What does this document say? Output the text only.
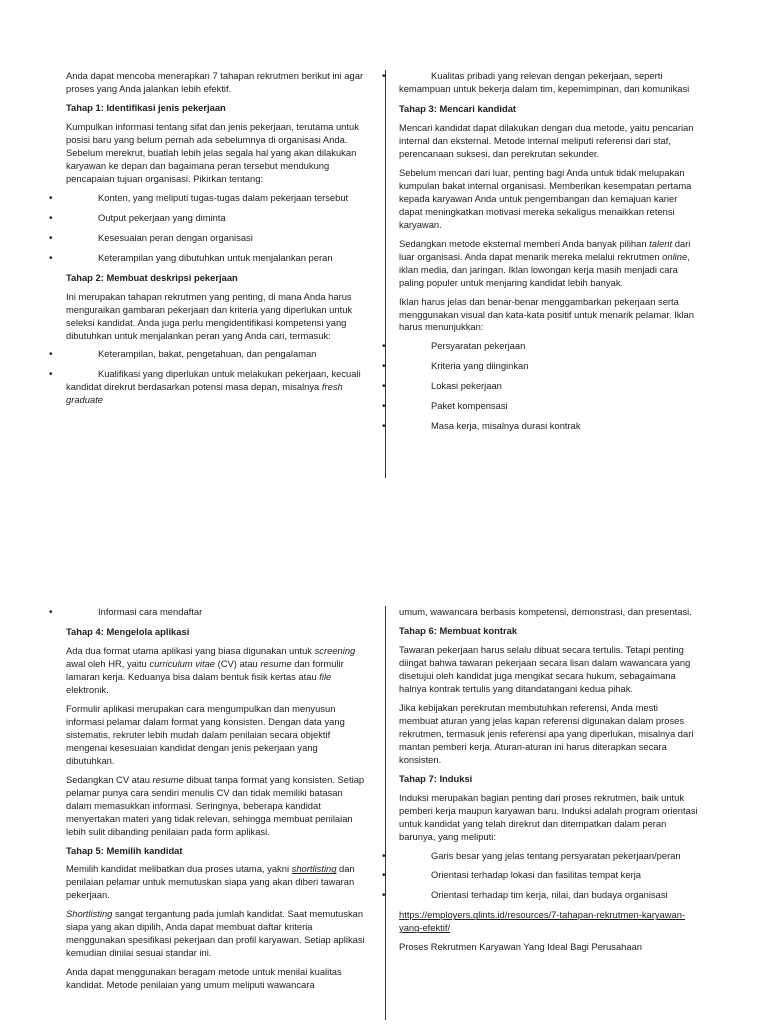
Anda dapat mencoba menerapkan 7 tahapan rekrutmen berikut ini agar proses yang Anda jalankan lebih efektif.

Tahap 1: Identifikasi jenis pekerjaan

Kumpulkan informasi tentang sifat dan jenis pekerjaan, terutama untuk posisi baru yang belum pernah ada sebelumnya di organisasi Anda. Sebelum merekrut, buatlah lebih jelas segala hal yang akan dilakukan karyawan ke depan dan bagaimana peran tersebut mendukung pencapaian tujuan organisasi. Pikirkan tentang:

•	Konten, yang meliputi tugas-tugas dalam pekerjaan tersebut
•	Output pekerjaan yang diminta
•	Kesesuaian peran dengan organisasi
•	Keterampilan yang dibutuhkan untuk menjalankan peran
Tahap 2: Membuat deskripsi pekerjaan

Ini merupakan tahapan rekrutmen yang penting, di mana Anda harus menguraikan gambaran pekerjaan dan kriteria yang diperlukan untuk seleksi kandidat. Anda juga perlu mengidentifikasi kompetensi yang dibutuhkan untuk menjalankan peran yang Anda cari, termasuk:

•	Keterampilan, bakat, pengetahuan, dan pengalaman
•	Kualifikasi yang diperlukan untuk melakukan pekerjaan, kecuali kandidat direkrut berdasarkan potensi masa depan, misalnya fresh graduate
•	Kualitas pribadi yang relevan dengan pekerjaan, seperti kemampuan untuk bekerja dalam tim, kepemimpinan, dan komunikasi
Tahap 3: Mencari kandidat

Mencari kandidat dapat dilakukan dengan dua metode, yaitu pencarian internal dan eksternal. Metode internal meliputi referensi dari staf, perencanaan suksesi, dan perekrutan sekunder.

Sebelum mencari dari luar, penting bagi Anda untuk tidak melupakan kumpulan bakat internal organisasi. Memberikan kesempatan pertama kepada karyawan Anda untuk pengembangan dan kemajuan karier dapat meningkatkan motivasi mereka sekaligus menaikkan retensi karyawan.

Sedangkan metode eksternal memberi Anda banyak pilihan talent dari luar organisasi. Anda dapat menarik mereka melalui rekrutmen online, iklan media, dan jaringan. Iklan lowongan kerja masih menjadi cara paling populer untuk menjaring kandidat lebih banyak.

Iklan harus jelas dan benar-benar menggambarkan pekerjaan serta menggunakan visual dan kata-kata positif untuk menarik pelamar. Iklan harus menunjukkan:

•	Persyaratan pekerjaan
•	Kriteria yang diinginkan
•	Lokasi pekerjaan
•	Paket kompensasi
•	Masa kerja, misalnya durasi kontrak
•	Informasi cara mendaftar
Tahap 4: Mengelola aplikasi

Ada dua format utama aplikasi yang biasa digunakan untuk screening awal oleh HR, yaitu curriculum vitae (CV) atau resume dan formulir lamaran kerja. Keduanya bisa dalam bentuk fisik kertas atau file elektronik.

Formulir aplikasi merupakan cara mengumpulkan dan menyusun informasi pelamar dalam format yang konsisten. Dengan data yang sistematis, rekruter lebih mudah dalam penilaian secara objektif mengenai kesesuaian kandidat dengan jenis pekerjaan yang dibutuhkan.

Sedangkan CV atau resume dibuat tanpa format yang konsisten. Setiap pelamar punya cara sendiri menulis CV dan tidak memiliki batasan dalam memasukkan informasi. Seringnya, beberapa kandidat menyertakan materi yang tidak relevan, sehingga membuat penilaian lebih sulit dibanding penilaian pada form aplikasi.

Tahap 5: Memilih kandidat

Memilih kandidat melibatkan dua proses utama, yakni shortlisting dan penilaian pelamar untuk memutuskan siapa yang akan diberi tawaran pekerjaan.

Shortlisting sangat tergantung pada jumlah kandidat. Saat memutuskan siapa yang akan dipilih, Anda dapat membuat daftar kriteria menggunakan spesifikasi pekerjaan dan profil karyawan. Setiap aplikasi kemudian dinilai sesuai standar ini.

Anda dapat menggunakan beragam metode untuk menilai kualitas kandidat. Metode penilaian yang umum meliputi wawancara

umum, wawancara berbasis kompetensi, demonstrasi, dan presentasi.

Tahap 6: Membuat kontrak

Tawaran pekerjaan harus selalu dibuat secara tertulis. Tetapi penting diingat bahwa tawaran pekerjaan secara lisan dalam wawancara yang disetujui oleh kandidat juga mengikat secara hukum, sebagaimana halnya kontrak tertulis yang ditandatangani kedua pihak.

Jika kebijakan perekrutan membutuhkan referensi, Anda mesti membuat aturan yang jelas kapan referensi digunakan dalam proses rekrutmen, termasuk jenis referensi apa yang diperlukan, misalnya dari mantan pemberi kerja. Aturan-aturan ini harus diterapkan secara konsisten.

Tahap 7: Induksi

Induksi merupakan bagian penting dari proses rekrutmen, baik untuk pemberi kerja maupun karyawan baru. Induksi adalah program orientasi untuk kandidat yang telah direkrut dan ditempatkan dalam peran barunya, yang meliputi:

•	Garis besar yang jelas tentang persyaratan pekerjaan/peran
•	Orientasi terhadap lokasi dan fasilitas tempat kerja
•	Orientasi terhadap tim kerja, nilai, dan budaya organisasi

https://employers.glints.id/resources/7-tahapan-rekrutmen-karyawan-yang-efektif/

Proses Rekrutmen Karyawan Yang Ideal Bagi Perusahaan
